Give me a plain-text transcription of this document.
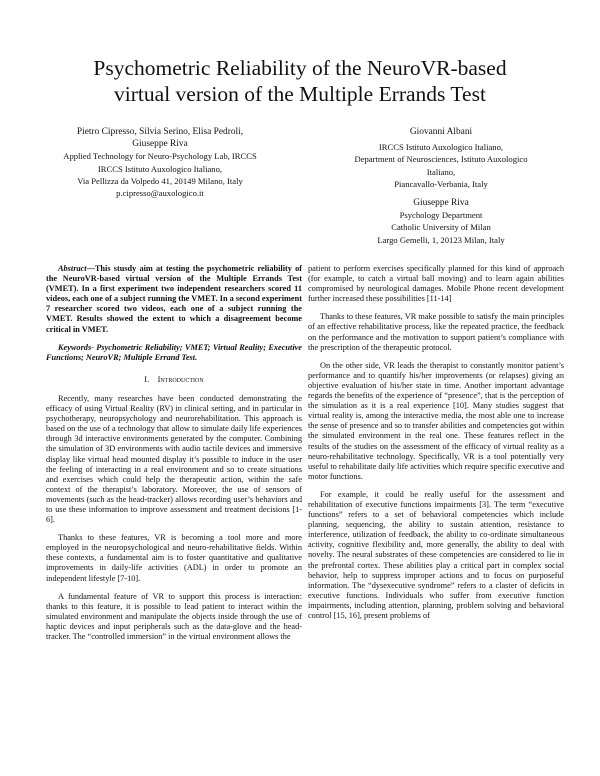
Psychometric Reliability of the NeuroVR-based
virtual version of the Multiple Errands Test
Pietro Cipresso, Silvia Serino, Elisa Pedroli,
Giuseppe Riva
Applied Technology for Neuro-Psychology Lab, IRCCS
IRCCS Istituto Auxologico Italiano,
Via Pellizza da Volpedo 41, 20149 Milano, Italy
p.cipresso@auxologico.it
Giovanni Albani
IRCCS Istituto Auxologico Italiano,
Department of Neurosciences, Istituto Auxologico
Italiano,
Piancavallo-Verbania, Italy
Giuseppe Riva
Psychology Department
Catholic University of Milan
Largo Gemelli, 1, 20123 Milan, Italy

Abstract—This stusdy aim at testing the psychometric reliability of the NeuroVR-based virtual version of the Multiple Errands Test (VMET). In a first experiment two independent researchers scored 11 videos, each one of a subject running the VMET. In a second experiment 7 researcher scored two videos, each one of a subject running the VMET. Results showed the extent to which a disagreement become critical in VMET.

Keywords- Psychometric Reliability; VMET; Virtual Reality; Executive Functions; NeuroVR; Multiple Errand Test.

I. Introduction

Recently, many researches have been conducted demonstrating the efficacy of using Virtual Reality (RV) in clinical setting, and in particular in psychotherapy, neuropsychology and neurorehabilitation. This approach is based on the use of a technology that allow to simulate daily life experiences through 3d interactive environments generated by the computer. Combining the simulation of 3D environments with audio tactile devices and immersive display like virtual head mounted display it’s possible to induce in the user the feeling of interacting in a real environment and so to create situations and exercises which could help the therapeutic action, within the safe context of the therapist’s laboratory. Moreover, the use of sensors of movements (such as the head-tracker) allows recording user’s behaviors and to use these information to improve assessment and treatment decisions [1-6].

Thanks to these features, VR is becoming a tool more and more employed in the neuropsychological and neuro-rehabilitative fields. Within these contexts, a fundamental aim is to foster quantitative and qualitative improvements in daily-life activities (ADL) in order to promote an independent lifestyle [7-10].

A fundamental feature of VR to support this process is interaction: thanks to this feature, it is possible to lead patient to interact within the simulated environment and manipulate the objects inside through the use of haptic devices and input peripherals such as the data-glove and the head-tracker. The “controlled immersion” in the virtual environment allows the

patient to perform exercises specifically planned for this kind of approach (for example, to catch a virtual ball moving) and to learn again abilities compromised by neurological damages. Mobile Phone recent development further increased these possibilities [11-14]

Thanks to these features, VR make possible to satisfy the main principles of an effective rehabilitative process, like the repeated practice, the feedback on the performance and the motivation to support patient’s compliance with the prescription of the therapeutic protocol.

On the other side, VR leads the therapist to constantly monitor patient’s performance and to quantify his/her improvements (or relapses) giving an objective evaluation of his/her state in time. Another important advantage regards the benefits of the experience of “presence”, that is the perception of the simulation as it is a real experience [10]. Many studies suggest that virtual reality is, among the interactive media, the most able one to increase the sense of presence and so to transfer abilities and competencies got within the simulated environment in the real one. These features reflect in the results of the studies on the assessment of the efficacy of virtual reality as a neuro-rehabilitative technology. Specifically, VR is a tool potentially very useful to rehabilitate daily life activities which require specific executive and motor functions.

For example, it could be really useful for the assessment and rehabilitation of executive functions impairments [3]. The term “executive functions” refers to a set of behavioral competencies which include planning, sequencing, the ability to sustain attention, resistance to interference, utilization of feedback, the ability to co-ordinate simultaneous activity, cognitive flexibility and, more generally, the ability to deal with novelty. The neural substrates of these competencies are considered to lie in the prefrontal cortex. These abilities play a critical part in complex social behavior, help to suppress improper actions and to focus on purposeful information. The “dysexecutive syndrome” refers to a claster of deficits in executive functions. Individuals who suffer from executive function impairments, including attention, planning, problem solving and behavioral control [15, 16], present problems of
